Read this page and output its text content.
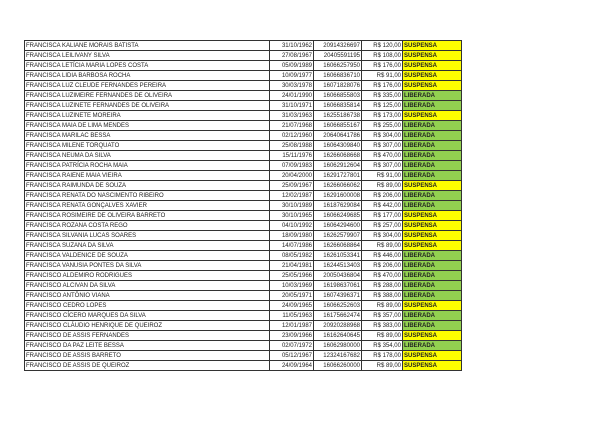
FRANCISCA KALIANE MORAIS BATISTA	31/10/1962	20914326697	R$ 120,00	SUSPENSA
FRANCISCA LEILIVANY SILVA	27/08/1967	20405591195	R$ 108,00	SUSPENSA
FRANCISCA LETÍCIA MARIA LOPES COSTA	05/09/1989	16066257950	R$ 176,00	SUSPENSA
FRANCISCA LIDIA BARBOSA ROCHA	10/09/1977	16066836710	R$ 91,00	SUSPENSA
FRANCISCA LUZ CLEUDE FERNANDES PEREIRA	30/03/1978	16071828076	R$ 176,00	SUSPENSA
FRANCISCA LUZIMEIRE FERNANDES DE OLIVEIRA	24/01/1990	16066855803	R$ 335,00	LIBERADA
FRANCISCA LUZINETE FERNANDES DE OLIVEIRA	31/10/1971	16066835814	R$ 125,00	LIBERADA
FRANCISCA LUZINETE MOREIRA	31/03/1963	16255186738	R$ 173,00	SUSPENSA
FRANCISCA MAIA DE LIMA MENDES	21/07/1968	16066855167	R$ 255,00	LIBERADA
FRANCISCA MARILAC BESSA	02/12/1960	20640641786	R$ 304,00	LIBERADA
FRANCISCA MILENE TORQUATO	25/08/1988	16064309840	R$ 307,00	LIBERADA
FRANCISCA NEUMA DA SILVA	15/11/1976	16266068668	R$ 470,00	LIBERADA
FRANCISCA PATRÍCIA ROCHA MAIA	07/09/1983	16062912604	R$ 307,00	LIBERADA
FRANCISCA RAIENE MAIA VIEIRA	20/04/2000	16291727801	R$ 91,00	LIBERADA
FRANCISCA RAIMUNDA DE SOUZA	25/09/1967	16266066062	R$ 89,00	SUSPENSA
FRANCISCA RENATA DO NASCIMENTO RIBEIRO	12/02/1987	16291600008	R$ 206,00	LIBERADA
FRANCISCA RENATA GONÇALVES XAVIER	30/10/1989	16187629084	R$ 442,00	LIBERADA
FRANCISCA ROSIMEIRE DE OLIVEIRA BARRETO	30/10/1965	16066249685	R$ 177,00	SUSPENSA
FRANCISCA ROZANA COSTA REGO	04/10/1992	16064294600	R$ 257,00	SUSPENSA
FRANCISCA SILVANIA LUCAS SOARES	18/09/1980	16262579907	R$ 304,00	SUSPENSA
FRANCISCA SUZANA DA SILVA	14/07/1986	16266068864	R$ 89,00	SUSPENSA
FRANCISCA VALDENICE DE SOUZA	08/05/1982	16261053341	R$ 446,00	LIBERADA
FRANCISCA VANUSIA PONTES DA SILVA	21/04/1981	16244513403	R$ 206,00	LIBERADA
FRANCISCO ALDEMIRO RODRIGUES	25/05/1966	20050436804	R$ 470,00	LIBERADA
FRANCISCO ALCIVAN DA SILVA	10/03/1969	16198637061	R$ 288,00	LIBERADA
FRANCISCO ANTÔNIO VIANA	20/05/1971	16074396371	R$ 388,00	LIBERADA
FRANCISCO CEDRO LOPES	24/09/1965	16066252603	R$ 89,00	SUSPENSA
FRANCISCO CÍCERO MARQUES DA SILVA	11/05/1963	16175662474	R$ 357,00	LIBERADA
FRANCISCO CLÁUDIO HENRIQUE DE QUEIROZ	12/01/1987	20920288968	R$ 383,00	LIBERADA
FRANCISCO DE ASSIS FERNANDES	23/09/1966	16162640645	R$ 89,00	SUSPENSA
FRANCISCO DA PAZ LEITE BESSA	02/07/1972	16062980000	R$ 354,00	LIBERADA
FRANCISCO DE ASSIS BARRETO	05/12/1967	12324167682	R$ 178,00	SUSPENSA
FRANCISCO DE ASSIS DE QUEIROZ	24/09/1964	16066260000	R$ 89,00	SUSPENSA
